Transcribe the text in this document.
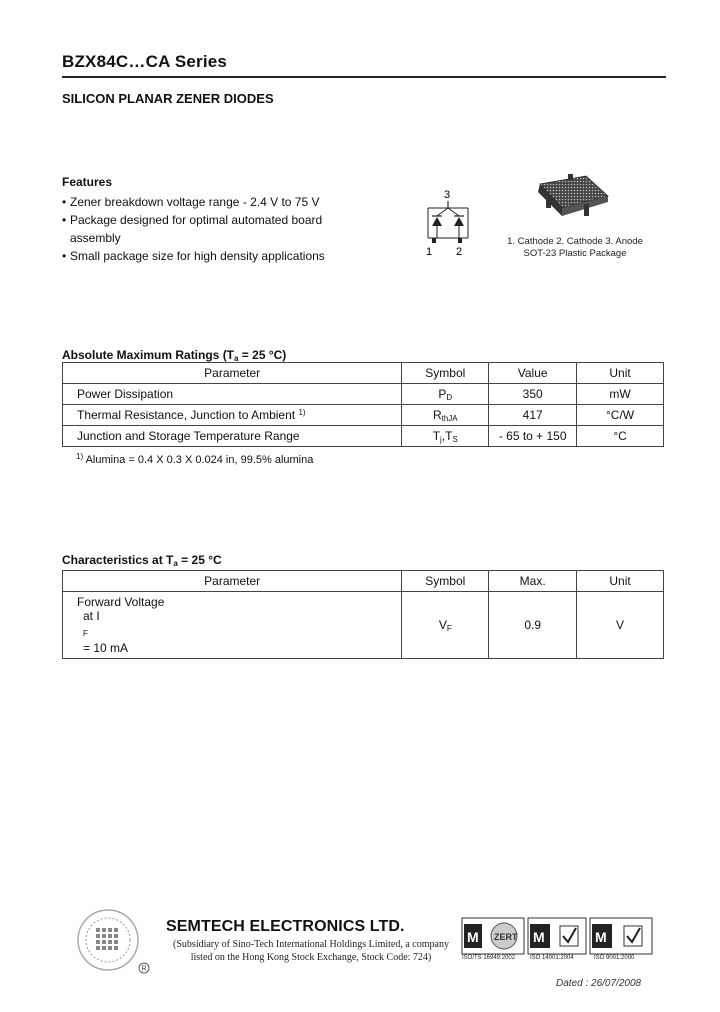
BZX84C…CA Series
SILICON PLANAR ZENER DIODES
Features
• Zener breakdown voltage range - 2.4 V to 75 V
• Package designed for optimal automated board assembly
• Small package size for high density applications
3
1 2
1. Cathode 2. Cathode 3. Anode
SOT-23 Plastic Package
Absolute Maximum Ratings ($T_a = 25$ °C)
Parameter	Symbol	Value	Unit
Power Dissipation	$P_D$	350	mW
Thermal Resistance, Junction to Ambient $^{1)}$	$R_{thJA}$	417	°C/W
Junction and Storage Temperature Range	$T_j,T_S$	- 65 to + 150	°C
$^{1)}$ Alumina = 0.4 X 0.3 X 0.024 in, 99.5% alumina
Characteristics at $T_a = 25$ °C
Parameter	Symbol	Max.	Unit

Forward Voltage
at I
$_F$
= 10 mA	$V_F$	0.9	V
R
SEMTECH ELECTRONICS LTD.
(Subsidiary of Sino-Tech International Holdings Limited, a company
listed on the Hong Kong Stock Exchange, Stock Code: 724)
M ZERT M	M
ISO/TS 16949:2002 ISO 14001:2004	ISO 9001:2000
Dated : 26/07/2008
